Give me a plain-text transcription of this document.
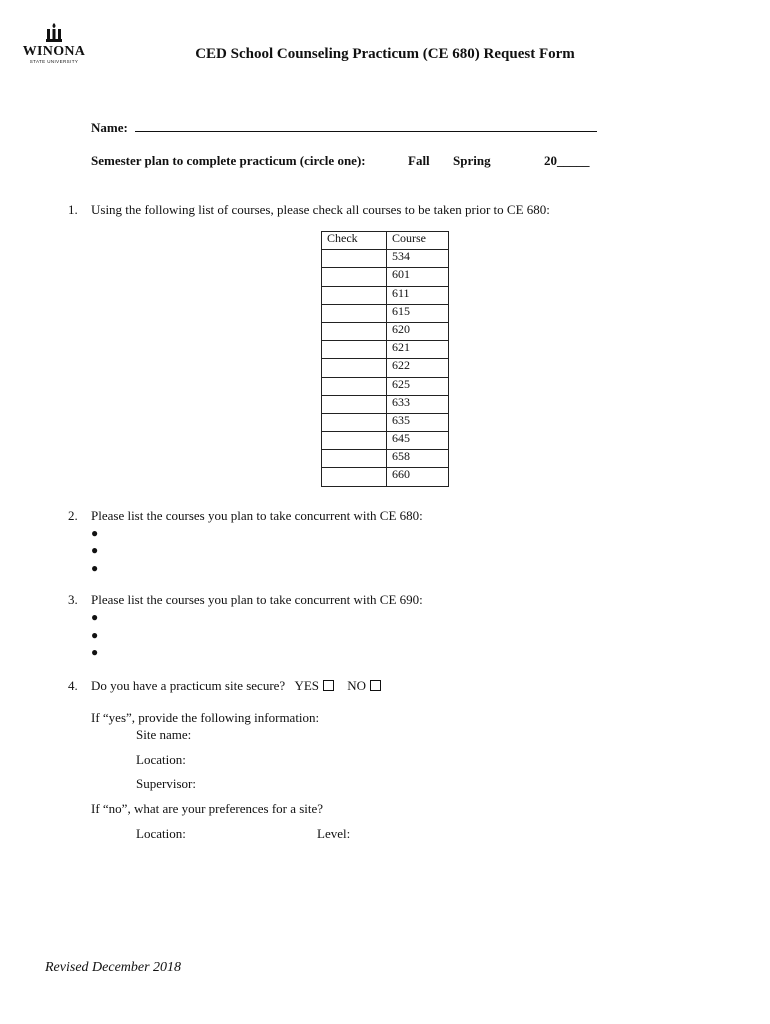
WINONA
STATE UNIVERSITY	CED School Counseling Practicum (CE 680) Request Form
Name:
Semester plan to complete practicum (circle one):	Fall Spring	20_____
1. Using the following list of courses, please check all courses to be taken prior to CE 680:
Check	Course
	534
	601
	611
	615
	620
	621
	622
	625
	633
	635
	645
	658
	660
2. Please list the courses you plan to take concurrent with CE 680:
●
●
●
3. Please list the courses you plan to take concurrent with CE 690:
●
●
●
4. Do you have a practicum site secure? YES NO
If “yes”, provide the following information:
Site name:
Location:
Supervisor:
If “no”, what are your preferences for a site?
Location:	Level:
Revised December 2018
